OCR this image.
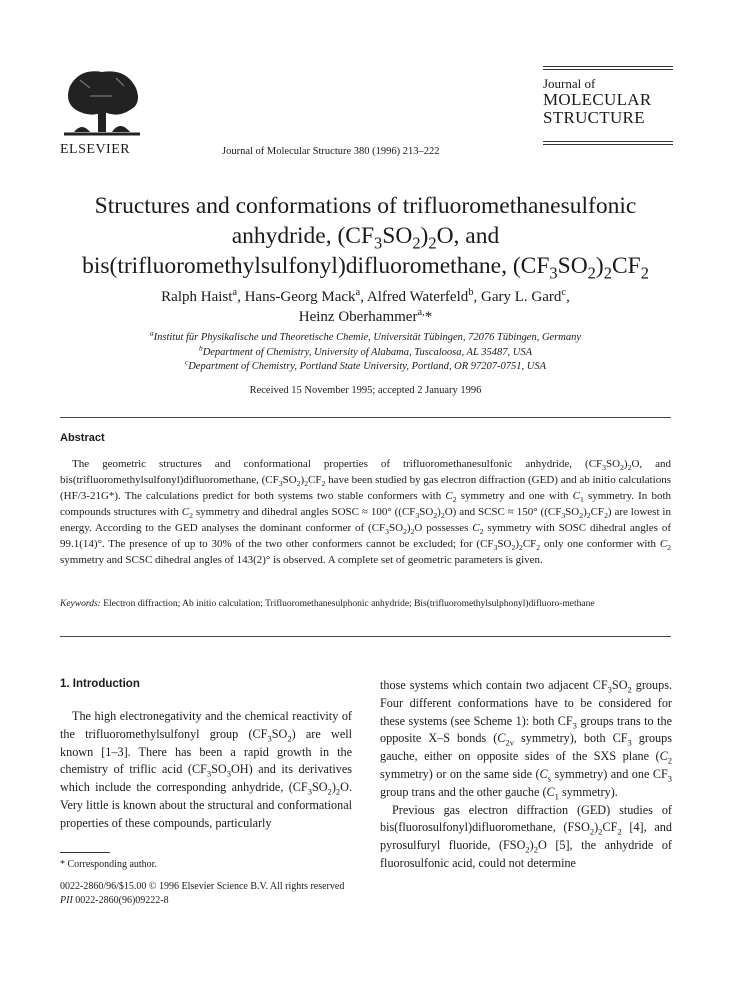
ELSEVIER	Journal of Molecular Structure 380 (1996) 213–222
Journal of
MOLECULAR
STRUCTURE
Structures and conformations of trifluoromethanesulfonic
anhydride, $(CF_3SO_2)_2O$, and
bis(trifluoromethylsulfonyl)difluoromethane, $(CF_3SO_2)_2CF_2$
Ralph Haist$^a$, Hans-Georg Mack$^a$, Alfred Waterfeld$^b$, Gary L. Gard$^c$,
Heinz Oberhammer$^{a,}$*
$^a$Institut für Physikalische und Theoretische Chemie, Universität Tübingen, 72076 Tübingen, Germany
$^b$Department of Chemistry, University of Alabama, Tuscaloosa, AL 35487, USA
$^c$Department of Chemistry, Portland State University, Portland, OR 97207-0751, USA
Received 15 November 1995; accepted 2 January 1996
Abstract
The geometric structures and conformational properties of trifluoromethanesulfonic anhydride, $(CF_3SO_2)_2O$, and bis(trifluoromethylsulfonyl)difluoromethane, $(CF_3SO_2)_2CF_2$ have been studied by gas electron diffraction (GED) and ab initio calculations (HF/3-21G*). The calculations predict for both systems two stable conformers with $C_2$ symmetry and one with $C_1$ symmetry. In both compounds structures with $C_2$ symmetry and dihedral angles SOSC ≈ 100° $((CF_3SO_2)_2O)$ and SCSC ≈ 150° $((CF_3SO_2)_2CF_2)$ are lowest in energy. According to the GED analyses the dominant conformer of $(CF_3SO_2)_2O$ possesses $C_2$ symmetry with SOSC dihedral angles of 99.1(14)°. The presence of up to 30% of the two other conformers cannot be excluded; for $(CF_3SO_2)_2CF_2$ only one conformer with $C_2$ symmetry and SCSC dihedral angles of 143(2)° is observed. A complete set of geometric parameters is given.
Keywords: Electron diffraction; Ab initio calculation; Trifluoromethanesulphonic anhydride; Bis(trifluoromethylsulphonyl)difluoro-methane
1. Introduction
The high electronegativity and the chemical reactivity of the trifluoromethylsulfonyl group $(CF_3SO_2)$ are well known [1–3]. There has been a rapid growth in the chemistry of triflic acid $(CF_3SO_3OH)$ and its derivatives which include the corresponding anhydride, $(CF_3SO_2)_2O$. Very little is known about the structural and conformational properties of these compounds, particularly
those systems which contain two adjacent $CF_3SO_2$ groups. Four different conformations have to be considered for these systems (see Scheme 1): both $CF_3$ groups trans to the opposite X–S bonds ($C_{2v}$ symmetry), both $CF_3$ groups gauche, either on opposite sides of the SXS plane ($C_2$ symmetry) or on the same side ($C_s$ symmetry) and one $CF_3$ group trans and the other gauche ($C_1$ symmetry).
Previous gas electron diffraction (GED) studies of bis(fluorosulfonyl)difluoromethane, $(FSO_2)_2CF_2$ [4], and pyrosulfuryl fluoride, $(FSO_2)_2O$ [5], the anhydride of fluorosulfonic acid, could not determine
* Corresponding author.
0022-2860/96/$15.00 © 1996 Elsevier Science B.V. All rights reserved
PII 0022-2860(96)09222-8
